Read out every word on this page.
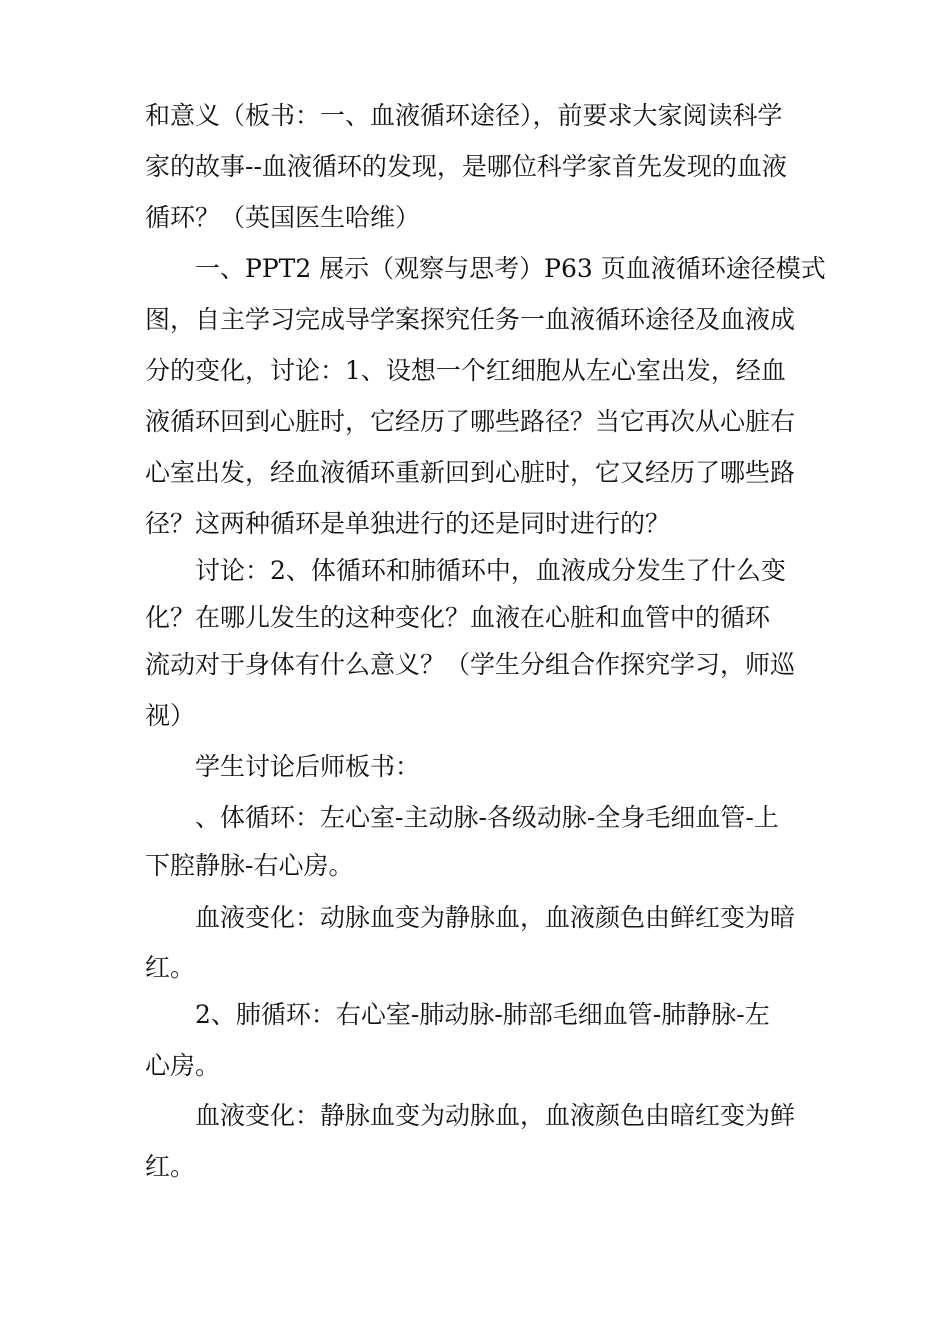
和意义（板书：一、血液循环途径），前要求大家阅读科学
家的故事--血液循环的发现，是哪位科学家首先发现的血液
循环？（英国医生哈维）
　　一、PPT2 展示（观察与思考）P63 页血液循环途径模式
图，自主学习完成导学案探究任务一血液循环途径及血液成
分的变化，讨论：1、设想一个红细胞从左心室出发，经血
液循环回到心脏时，它经历了哪些路径？当它再次从心脏右
心室出发，经血液循环重新回到心脏时，它又经历了哪些路
径？这两种循环是单独进行的还是同时进行的？
　　讨论：2、体循环和肺循环中，血液成分发生了什么变
化？在哪儿发生的这种变化？血液在心脏和血管中的循环
流动对于身体有什么意义？（学生分组合作探究学习，师巡
视）
　　学生讨论后师板书：
　　、体循环：左心室-主动脉-各级动脉-全身毛细血管-上
下腔静脉-右心房。
　　血液变化：动脉血变为静脉血，血液颜色由鲜红变为暗
红。
　　2、肺循环：右心室-肺动脉-肺部毛细血管-肺静脉-左
心房。
　　血液变化：静脉血变为动脉血，血液颜色由暗红变为鲜
红。
